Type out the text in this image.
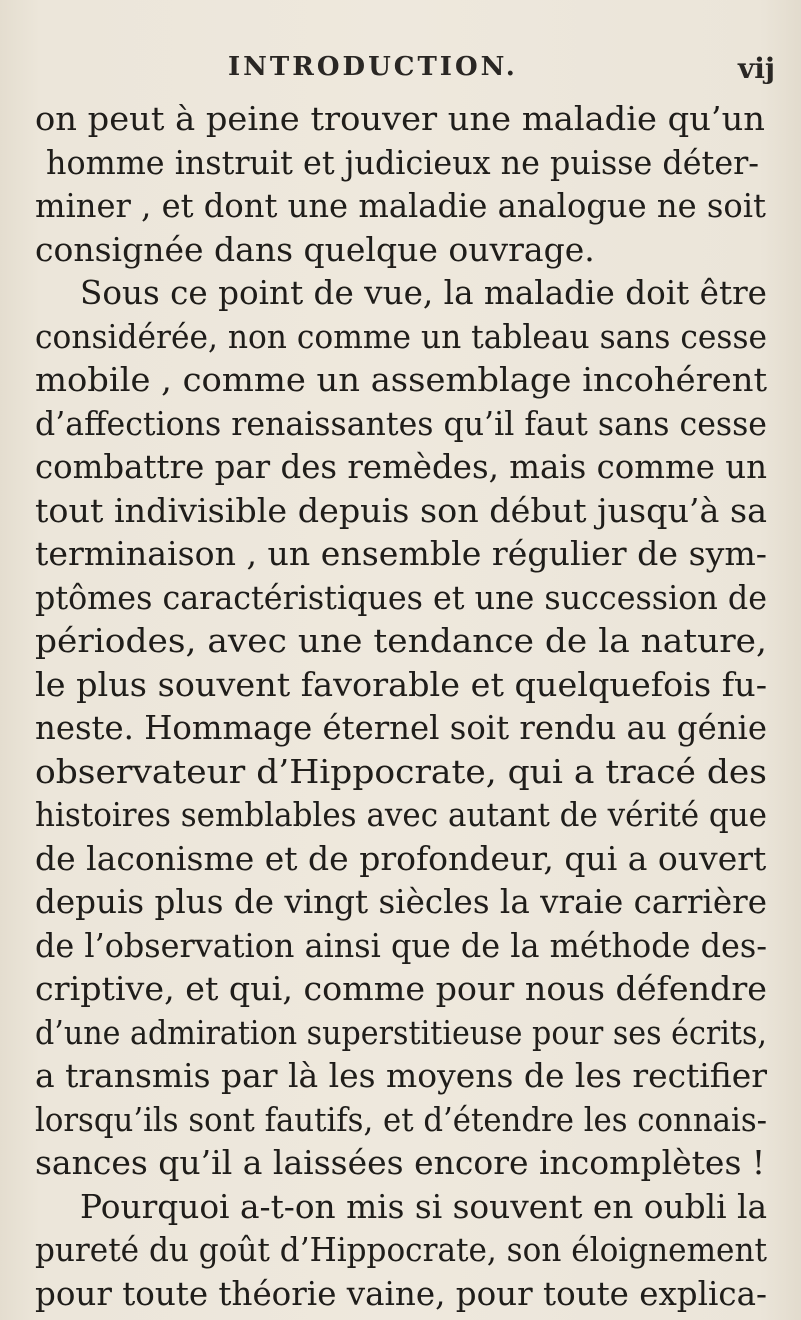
INTRODUCTION.	vij
on peut à peine trouver une maladie qu’un
homme instruit et judicieux ne puisse déter-
miner , et dont une maladie analogue ne soit
consignée dans quelque ouvrage.
Sous ce point de vue, la maladie doit être
considérée, non comme un tableau sans cesse
mobile , comme un assemblage incohérent
d’affections renaissantes qu’il faut sans cesse
combattre par des remèdes, mais comme un
tout indivisible depuis son début jusqu’à sa
terminaison , un ensemble régulier de sym-
ptômes caractéristiques et une succession de
périodes, avec une tendance de la nature,
le plus souvent favorable et quelquefois fu-
neste. Hommage éternel soit rendu au génie
observateur d’Hippocrate, qui a tracé des
histoires semblables avec autant de vérité que
de laconisme et de profondeur, qui a ouvert
depuis plus de vingt siècles la vraie carrière
de l’observation ainsi que de la méthode des-
criptive, et qui, comme pour nous défendre
d’une admiration superstitieuse pour ses écrits,
a transmis par là les moyens de les rectifier
lorsqu’ils sont fautifs, et d’étendre les connais-
sances qu’il a laissées encore incomplètes !
Pourquoi a-t-on mis si souvent en oubli la
pureté du goût d’Hippocrate, son éloignement
pour toute théorie vaine, pour toute explica-
